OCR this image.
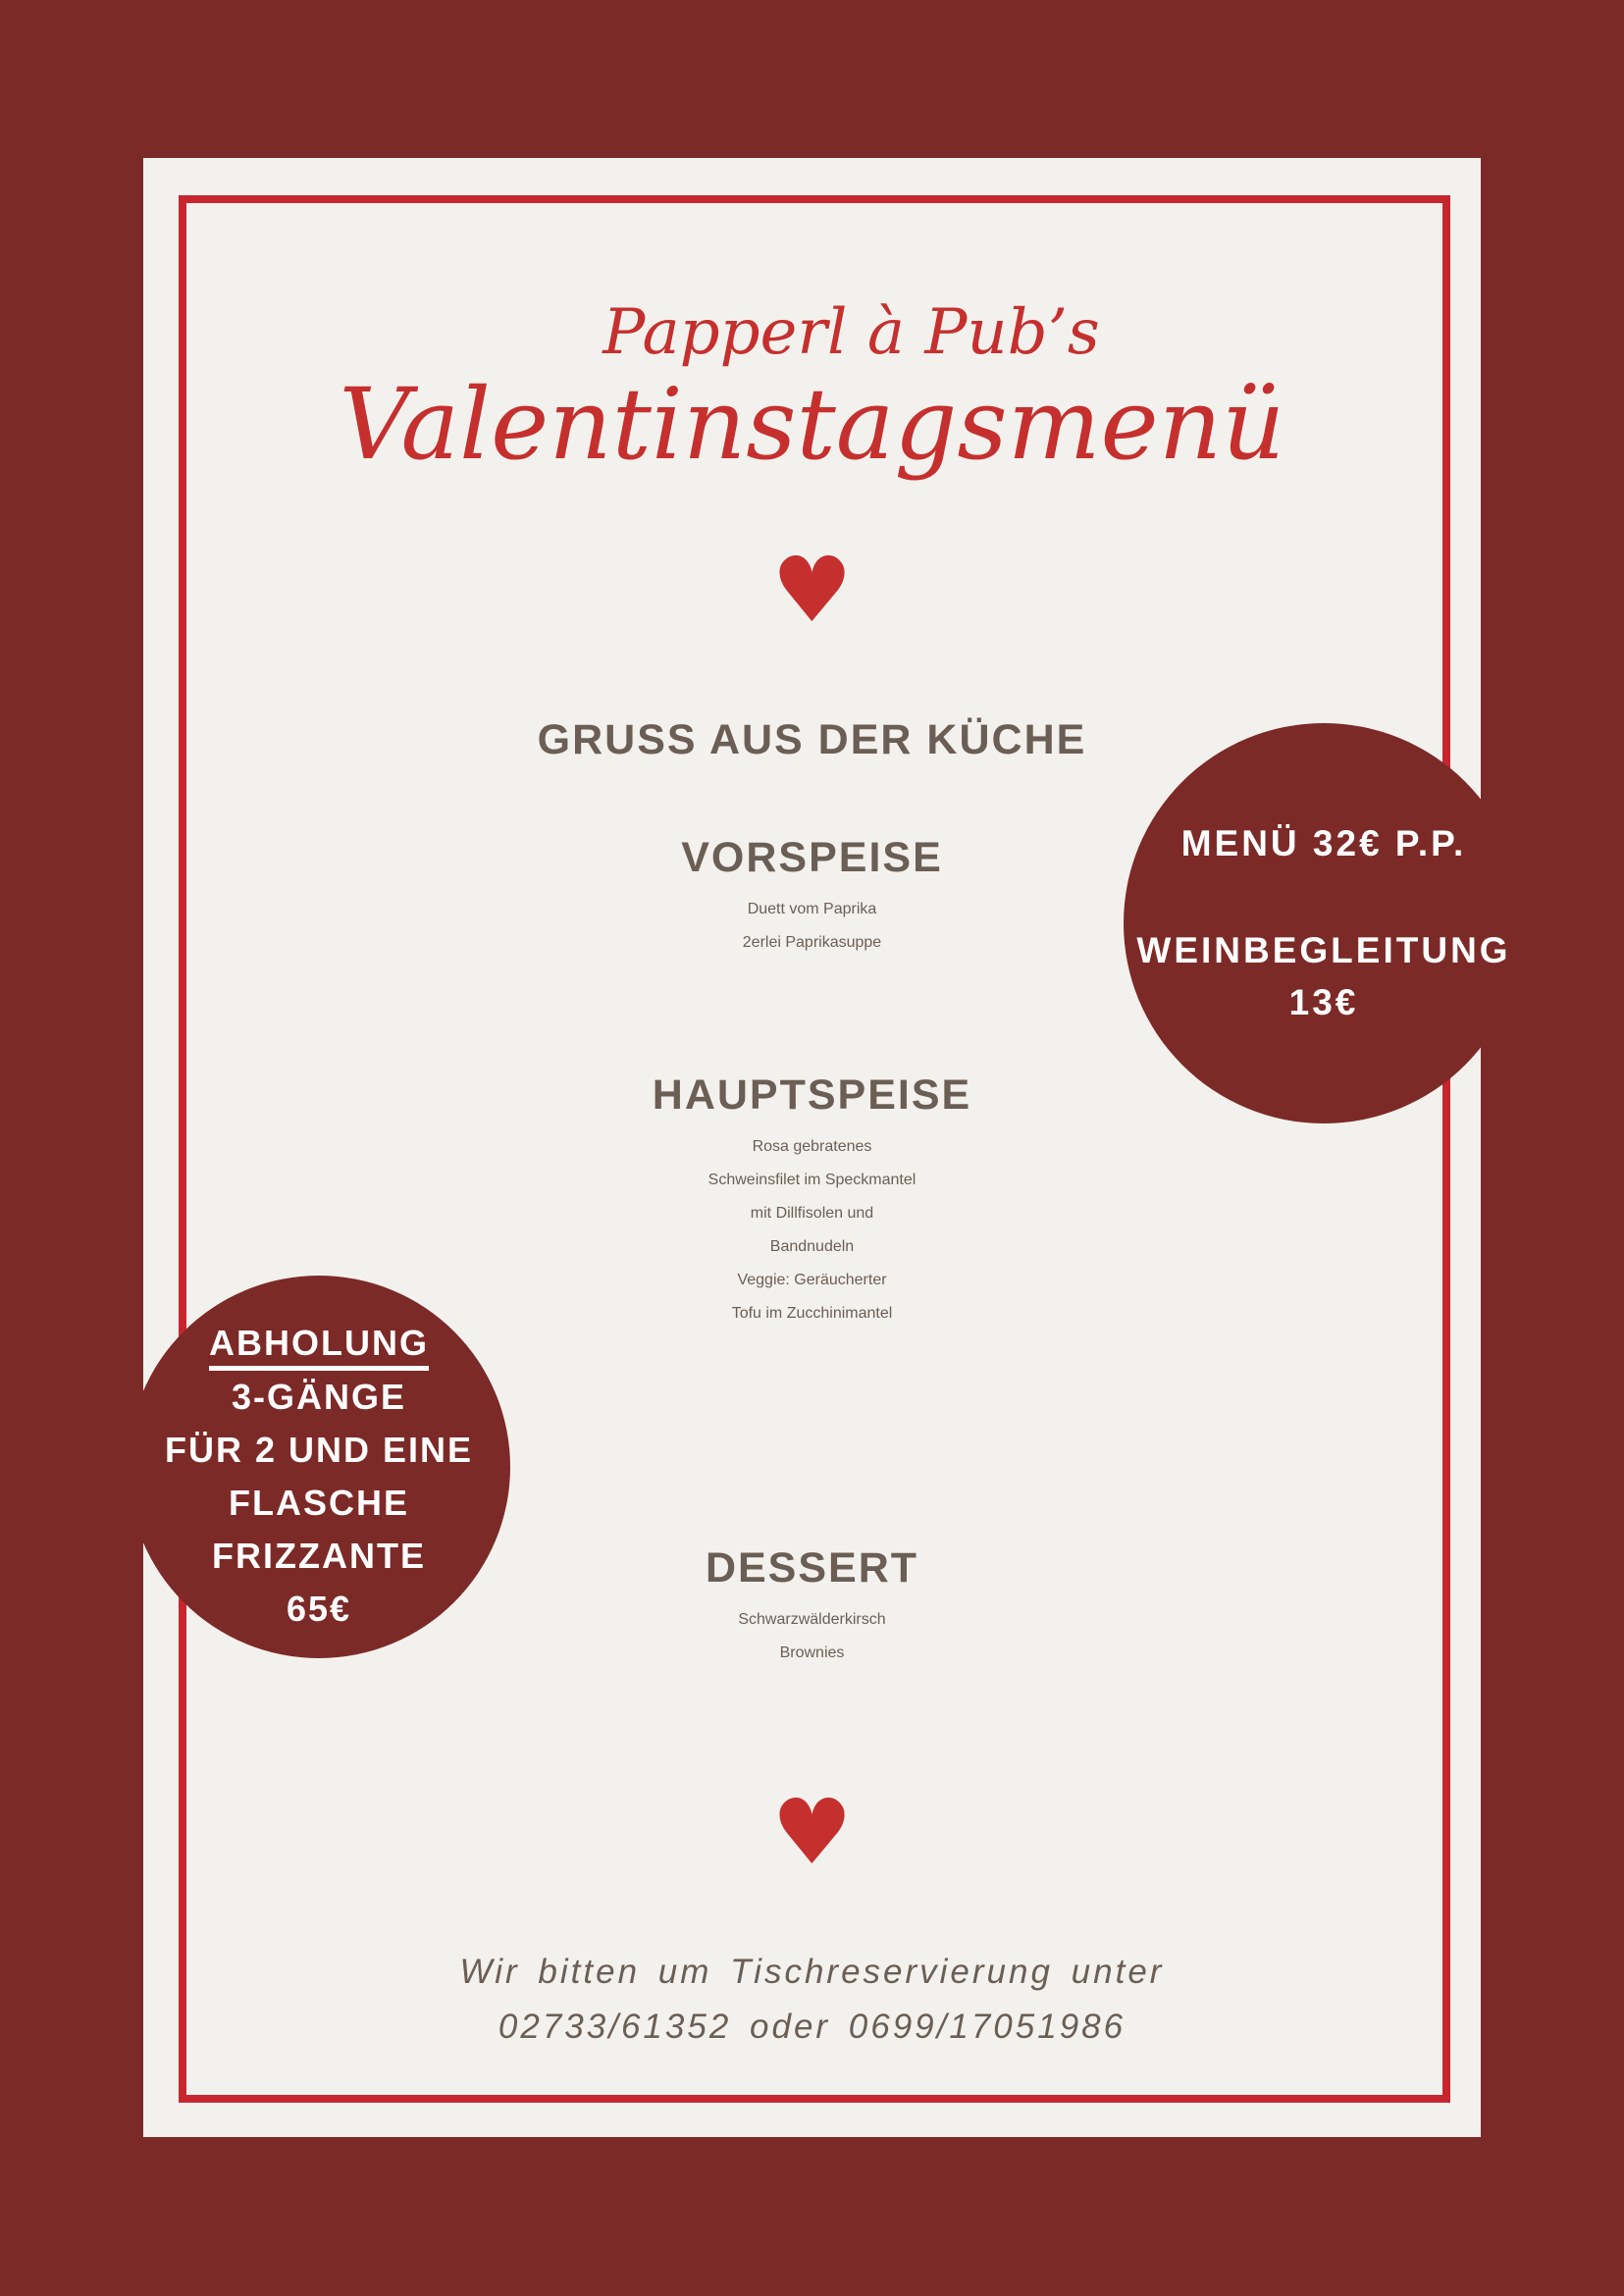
Papperl à Pub’s
Valentinstagsmenü
♥

GRUSS AUS DER KÜCHE

VORSPEISE

Duett vom Paprika

2erlei Paprikasuppe

HAUPTSPEISE

Rosa gebratenes

Schweinsfilet im Speckmantel

mit Dillfisolen und

Bandnudeln

Veggie: Geräucherter

Tofu im Zucchinimantel

DESSERT

Schwarzwälderkirsch

Brownies

MENÜ 32€ P.P.

WEINBEGLEITUNG

13€

ABHOLUNG

3-GÄNGE

FÜR 2 UND EINE

FLASCHE

FRIZZANTE

65€

♥
Wir bitten um Tischreservierung unter
02733/61352 oder 0699/17051986
